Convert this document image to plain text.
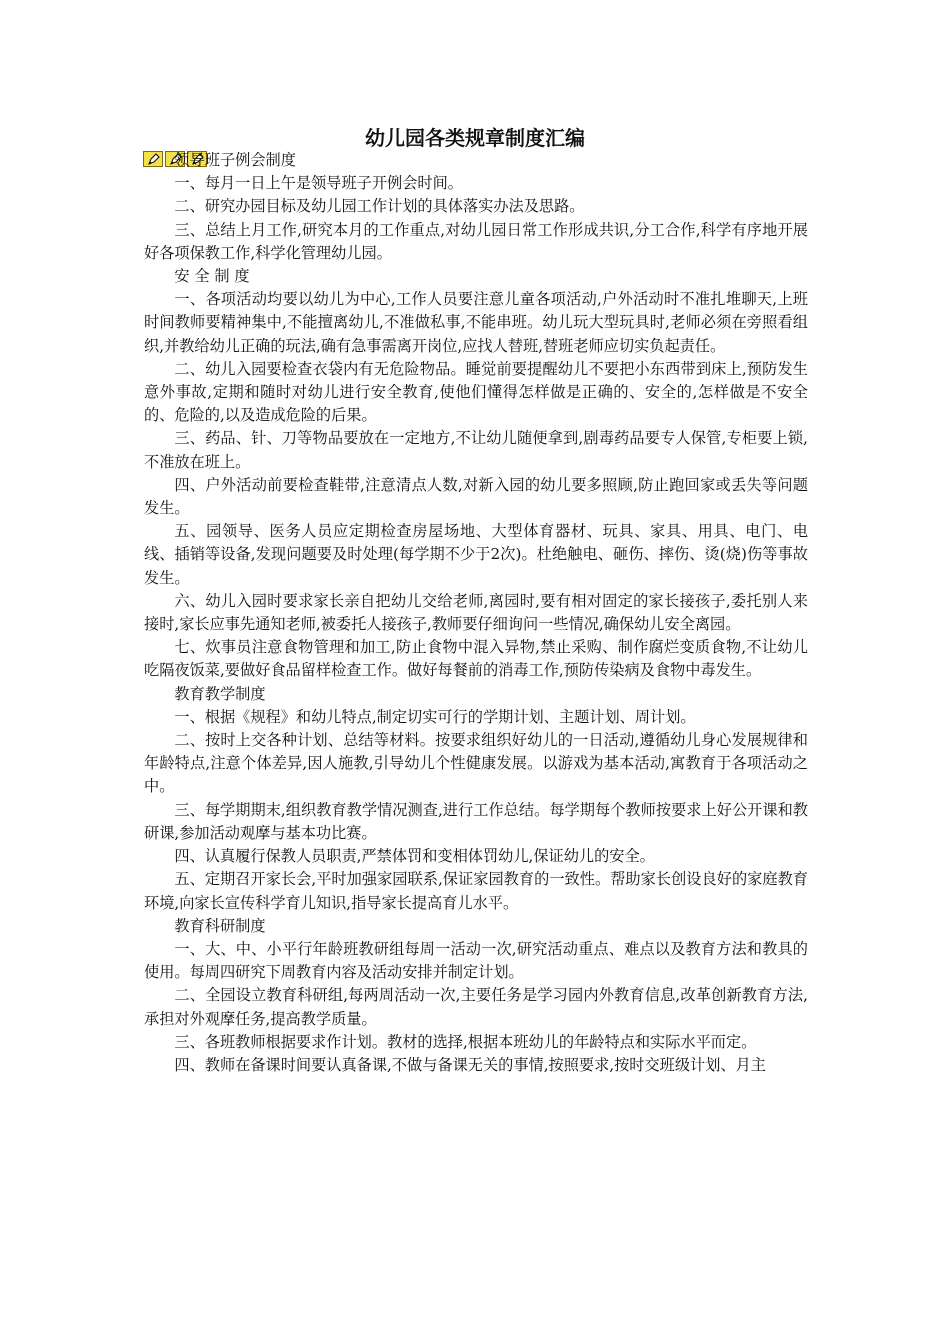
幼儿园各类规章制度汇编

领导班子例会制度

一、每月一日上午是领导班子开例会时间。

二、研究办园目标及幼儿园工作计划的具体落实办法及思路。

三、总结上月工作,研究本月的工作重点,对幼儿园日常工作形成共识,分工合作,科学有序地开展好各项保教工作,科学化管理幼儿园。

安 全 制 度

一、各项活动均要以幼儿为中心,工作人员要注意儿童各项活动,户外活动时不准扎堆聊天,上班时间教师要精神集中,不能擅离幼儿,不准做私事,不能串班。幼儿玩大型玩具时,老师必须在旁照看组织,并教给幼儿正确的玩法,确有急事需离开岗位,应找人替班,替班老师应切实负起责任。

二、幼儿入园要检查衣袋内有无危险物品。睡觉前要提醒幼儿不要把小东西带到床上,预防发生意外事故,定期和随时对幼儿进行安全教育,使他们懂得怎样做是正确的、安全的,怎样做是不安全的、危险的,以及造成危险的后果。

三、药品、针、刀等物品要放在一定地方,不让幼儿随便拿到,剧毒药品要专人保管,专柜要上锁,不准放在班上。

四、户外活动前要检查鞋带,注意清点人数,对新入园的幼儿要多照顾,防止跑回家或丢失等问题发生。

五、园领导、医务人员应定期检查房屋场地、大型体育器材、玩具、家具、用具、电门、电线、插销等设备,发现问题要及时处理(每学期不少于2次)。杜绝触电、砸伤、摔伤、烫(烧)伤等事故发生。

六、幼儿入园时要求家长亲自把幼儿交给老师,离园时,要有相对固定的家长接孩子,委托别人来接时,家长应事先通知老师,被委托人接孩子,教师要仔细询问一些情况,确保幼儿安全离园。

七、炊事员注意食物管理和加工,防止食物中混入异物,禁止采购、制作腐烂变质食物,不让幼儿吃隔夜饭菜,要做好食品留样检查工作。做好每餐前的消毒工作,预防传染病及食物中毒发生。

教育教学制度

一、根据《规程》和幼儿特点,制定切实可行的学期计划、主题计划、周计划。

二、按时上交各种计划、总结等材料。按要求组织好幼儿的一日活动,遵循幼儿身心发展规律和年龄特点,注意个体差异,因人施教,引导幼儿个性健康发展。以游戏为基本活动,寓教育于各项活动之中。

三、每学期期末,组织教育教学情况测查,进行工作总结。每学期每个教师按要求上好公开课和教研课,参加活动观摩与基本功比赛。

四、认真履行保教人员职责,严禁体罚和变相体罚幼儿,保证幼儿的安全。

五、定期召开家长会,平时加强家园联系,保证家园教育的一致性。帮助家长创设良好的家庭教育环境,向家长宣传科学育儿知识,指导家长提高育儿水平。

教育科研制度

一、大、中、小平行年龄班教研组每周一活动一次,研究活动重点、难点以及教育方法和教具的使用。每周四研究下周教育内容及活动安排并制定计划。

二、全园设立教育科研组,每两周活动一次,主要任务是学习园内外教育信息,改革创新教育方法,承担对外观摩任务,提高教学质量。

三、各班教师根据要求作计划。教材的选择,根据本班幼儿的年龄特点和实际水平而定。

四、教师在备课时间要认真备课,不做与备课无关的事情,按照要求,按时交班级计划、月主
